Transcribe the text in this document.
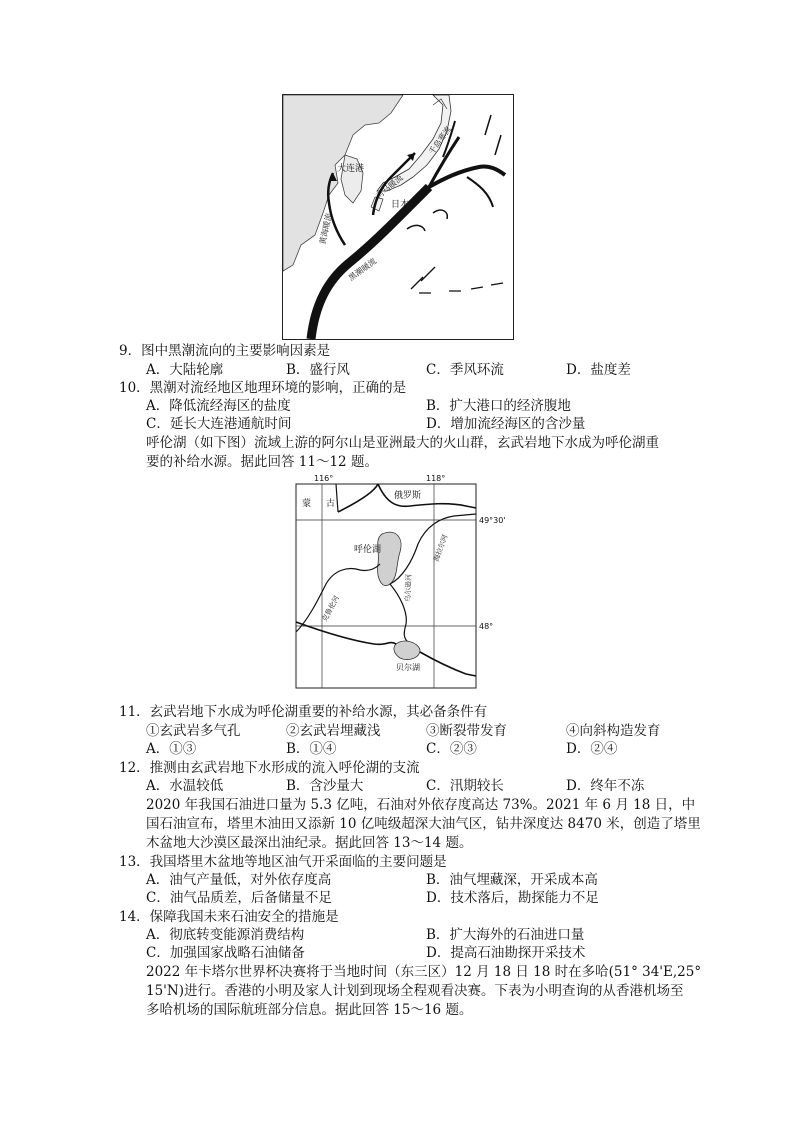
大连港
黄海暖流
对马暖流
日本
千岛寒流
黑潮暖流
9．图中黑潮流向的主要影响因素是
A．大陆轮廓	B．盛行风	C．季风环流	D．盐度差
10．黑潮对流经地区地理环境的影响，正确的是
A．降低流经海区的盐度	B．扩大港口的经济腹地
C．延长大连港通航时间	D．增加流经海区的含沙量
呼伦湖（如下图）流域上游的阿尔山是亚洲最大的火山群，玄武岩地下水成为呼伦湖重
要的补给水源。据此回答 11～12 题。
116°	118°
49°30'
48°
蒙 古
俄罗斯
呼伦湖	海拉尔河
克鲁伦河
乌尔逊河
贝尔湖
11．玄武岩地下水成为呼伦湖重要的补给水源，其必备条件有
①玄武岩多气孔	②玄武岩埋藏浅	③断裂带发育	④向斜构造发育
A．①③	B．①④	C．②③	D．②④
12．推测由玄武岩地下水形成的流入呼伦湖的支流
A．水温较低	B．含沙量大	C．汛期较长	D．终年不冻
2020 年我国石油进口量为 5.3 亿吨，石油对外依存度高达 73%。2021 年 6 月 18 日，中
国石油宣布，塔里木油田又添新 10 亿吨级超深大油气区，钻井深度达 8470 米，创造了塔里
木盆地大沙漠区最深出油纪录。据此回答 13～14 题。
13．我国塔里木盆地等地区油气开采面临的主要问题是
A．油气产量低，对外依存度高	B．油气埋藏深，开采成本高
C．油气品质差，后备储量不足	D．技术落后，勘探能力不足
14．保障我国未来石油安全的措施是
A．彻底转变能源消费结构	B．扩大海外的石油进口量
C．加强国家战略石油储备	D．提高石油勘探开采技术
2022 年卡塔尔世界杯决赛将于当地时间（东三区）12 月 18 日 18 时在多哈(51° 34'E,25°
15'N)进行。香港的小明及家人计划到现场全程观看决赛。下表为小明查询的从香港机场至
多哈机场的国际航班部分信息。据此回答 15～16 题。
